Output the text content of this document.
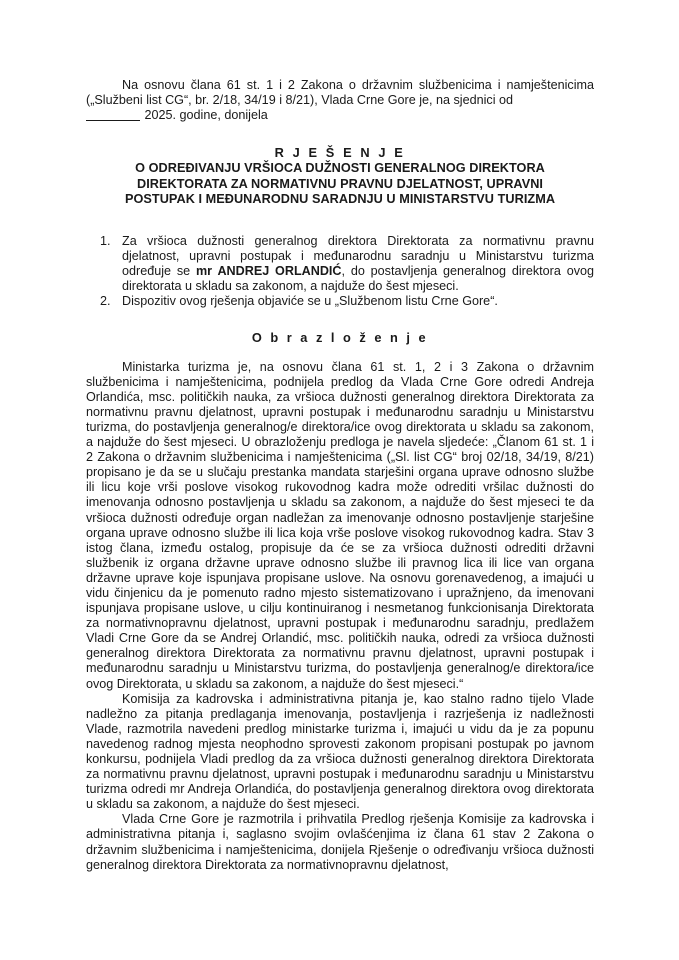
Na osnovu člana 61 st. 1 i 2 Zakona o državnim službenicima i namještenicima („Službeni list CG“, br. 2/18, 34/19 i 8/21), Vlada Crne Gore je, na sjednici od

2025. godine, donijela

R J E Š E N J E
O ODREĐIVANJU VRŠIOCA DUŽNOSTI GENERALNOG DIREKTORA
DIREKTORATA ZA NORMATIVNU PRAVNU DJELATNOST, UPRAVNI
POSTUPAK I MEĐUNARODNU SARADNJU U MINISTARSTVU TURIZMA
1. Za vršioca dužnosti generalnog direktora Direktorata za normativnu pravnu djelatnost, upravni postupak i međunarodnu saradnju u Ministarstvu turizma određuje se mr ANDREJ ORLANDIĆ, do postavljenja generalnog direktora ovog direktorata u skladu sa zakonom, a najduže do šest mjeseci.
2. Dispozitiv ovog rješenja objaviće se u „Službenom listu Crne Gore“.
O b r a z l o ž e n j e

Ministarka turizma je, na osnovu člana 61 st. 1, 2 i 3 Zakona o državnim službenicima i namještenicima, podnijela predlog da Vlada Crne Gore odredi Andreja Orlandića, msc. političkih nauka, za vršioca dužnosti generalnog direktora Direktorata za normativnu pravnu djelatnost, upravni postupak i međunarodnu saradnju u Ministarstvu turizma, do postavljenja generalnog/e direktora/ice ovog direktorata u skladu sa zakonom, a najduže do šest mjeseci. U obrazloženju predloga je navela sljedeće: „Članom 61 st. 1 i 2 Zakona o državnim službenicima i namještenicima („Sl. list CG“ broj 02/18, 34/19, 8/21) propisano je da se u slučaju prestanka mandata starješini organa uprave odnosno službe ili licu koje vrši poslove visokog rukovodnog kadra može odrediti vršilac dužnosti do imenovanja odnosno postavljenja u skladu sa zakonom, a najduže do šest mjeseci te da vršioca dužnosti određuje organ nadležan za imenovanje odnosno postavljenje starješine organa uprave odnosno službe ili lica koja vrše poslove visokog rukovodnog kadra. Stav 3 istog člana, između ostalog, propisuje da će se za vršioca dužnosti odrediti državni službenik iz organa državne uprave odnosno službe ili pravnog lica ili lice van organa državne uprave koje ispunjava propisane uslove. Na osnovu gorenavedenog, a imajući u vidu činjenicu da je pomenuto radno mjesto sistematizovano i upražnjeno, da imenovani ispunjava propisane uslove, u cilju kontinuiranog i nesmetanog funkcionisanja Direktorata za normativnopravnu djelatnost, upravni postupak i međunarodnu saradnju, predlažem Vladi Crne Gore da se Andrej Orlandić, msc. političkih nauka, odredi za vršioca dužnosti generalnog direktora Direktorata za normativnu pravnu djelatnost, upravni postupak i međunarodnu saradnju u Ministarstvu turizma, do postavljenja generalnog/e direktora/ice ovog Direktorata, u skladu sa zakonom, a najduže do šest mjeseci.“

Komisija za kadrovska i administrativna pitanja je, kao stalno radno tijelo Vlade nadležno za pitanja predlaganja imenovanja, postavljenja i razrješenja iz nadležnosti Vlade, razmotrila navedeni predlog ministarke turizma i, imajući u vidu da je za popunu navedenog radnog mjesta neophodno sprovesti zakonom propisani postupak po javnom konkursu, podnijela Vladi predlog da za vršioca dužnosti generalnog direktora Direktorata za normativnu pravnu djelatnost, upravni postupak i međunarodnu saradnju u Ministarstvu turizma odredi mr Andreja Orlandića, do postavljenja generalnog direktora ovog direktorata u skladu sa zakonom, a najduže do šest mjeseci.

Vlada Crne Gore je razmotrila i prihvatila Predlog rješenja Komisije za kadrovska i administrativna pitanja i, saglasno svojim ovlašćenjima iz člana 61 stav 2 Zakona o državnim službenicima i namještenicima, donijela Rješenje o određivanju vršioca dužnosti generalnog direktora Direktorata za normativnopravnu djelatnost,
